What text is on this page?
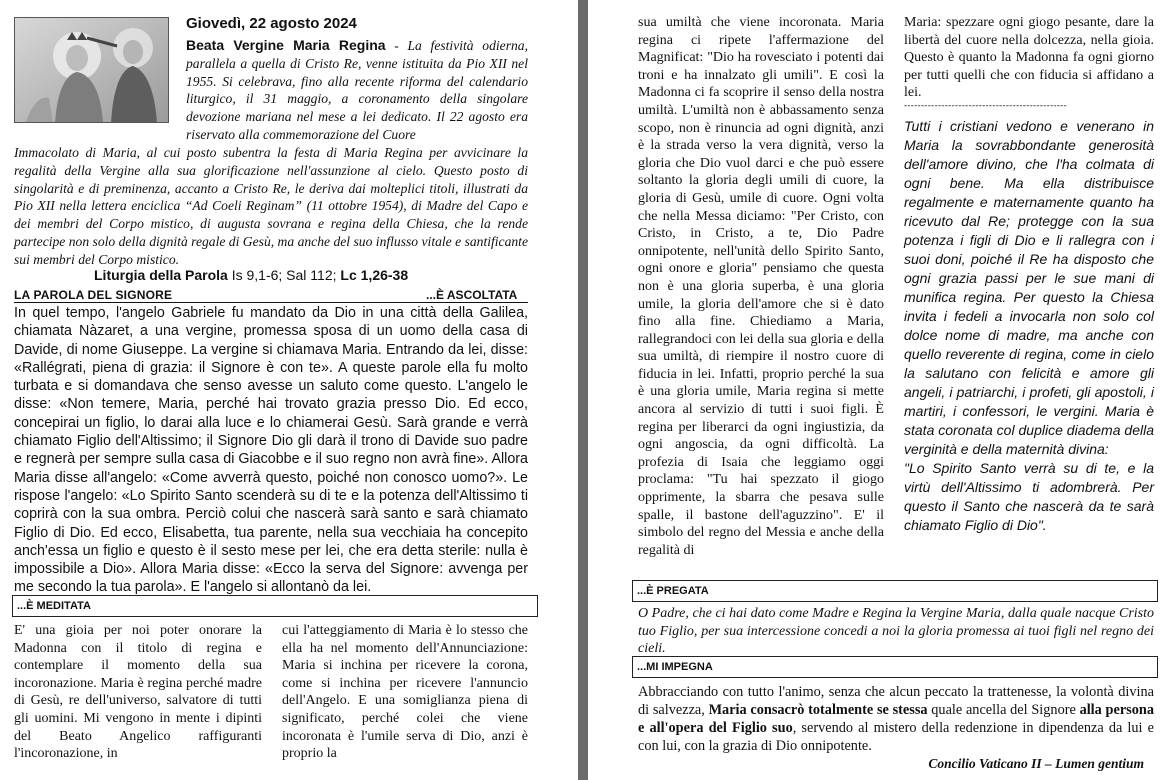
Giovedì, 22 agosto 2024
Beata Vergine Maria Regina - La festività odierna, parallela a quella di Cristo Re, venne istituita da Pio XII nel 1955. Si celebrava, fino alla recente riforma del calendario liturgico, il 31 maggio, a coronamento della singolare devozione mariana nel mese a lei dedicato. Il 22 agosto era riservato alla commemorazione del Cuore
Immacolato di Maria, al cui posto subentra la festa di Maria Regina per avvicinare la regalità della Vergine alla sua glorificazione nell'assunzione al cielo. Questo posto di singolarità e di preminenza, accanto a Cristo Re, le deriva dai molteplici titoli, illustrati da Pio XII nella lettera enciclica “Ad Coeli Reginam” (11 ottobre 1954), di Madre del Capo e dei membri del Corpo mistico, di augusta sovrana e regina della Chiesa, che la rende partecipe non solo della dignità regale di Gesù, ma anche del suo influsso vitale e santificante sui membri del Corpo mistico.
Liturgia della Parola Is 9,1-6; Sal 112; Lc 1,26-38
LA PAROLA DEL SIGNORE	...È ASCOLTATA
In quel tempo, l'angelo Gabriele fu mandato da Dio in una città della Galilea, chiamata Nàzaret, a una vergine, promessa sposa di un uomo della casa di Davide, di nome Giuseppe. La vergine si chiamava Maria. Entrando da lei, disse: «Rallégrati, piena di grazia: il Signore è con te». A queste parole ella fu molto turbata e si domandava che senso avesse un saluto come questo. L'angelo le disse: «Non temere, Maria, perché hai trovato grazia presso Dio. Ed ecco, concepirai un figlio, lo darai alla luce e lo chiamerai Gesù. Sarà grande e verrà chiamato Figlio dell'Altissimo; il Signore Dio gli darà il trono di Davide suo padre e regnerà per sempre sulla casa di Giacobbe e il suo regno non avrà fine». Allora Maria disse all'angelo: «Come avverrà questo, poiché non conosco uomo?». Le rispose l'angelo: «Lo Spirito Santo scenderà su di te e la potenza dell'Altissimo ti coprirà con la sua ombra. Perciò colui che nascerà sarà santo e sarà chiamato Figlio di Dio. Ed ecco, Elisabetta, tua parente, nella sua vecchiaia ha concepito anch'essa un figlio e questo è il sesto mese per lei, che era detta sterile: nulla è impossibile a Dio». Allora Maria disse: «Ecco la serva del Signore: avvenga per me secondo la tua parola». E l'angelo si allontanò da lei.
...È MEDITATA
E' una gioia per noi poter onorare la Madonna con il titolo di regina e contemplare il momento della sua incoronazione. Maria è regina perché madre di Gesù, re dell'universo, salvatore di tutti gli uomini. Mi vengono in mente i dipinti del Beato Angelico raffiguranti l'incoronazione, in
cui l'atteggiamento di Maria è lo stesso che ella ha nel momento dell'Annunciazione: Maria si inchina per ricevere la corona, come si inchina per ricevere l'annuncio dell'Angelo. E una somiglianza piena di significato, perché colei che viene incoronata è l'umile serva di Dio, anzi è proprio la
sua umiltà che viene incoronata. Maria regina ci ripete l'affermazione del Magnificat: "Dio ha rovesciato i potenti dai troni e ha innalzato gli umili". E così la Madonna ci fa scoprire il senso della nostra umiltà. L'umiltà non è abbassamento senza scopo, non è rinuncia ad ogni dignità, anzi è la strada verso la vera dignità, verso la gloria che Dio vuol darci e che può essere soltanto la gloria degli umili di cuore, la gloria di Gesù, umile di cuore. Ogni volta che nella Messa diciamo: "Per Cristo, con Cristo, in Cristo, a te, Dio Padre onnipotente, nell'unità dello Spirito Santo, ogni onore e gloria" pensiamo che questa non è una gloria superba, è una gloria umile, la gloria dell'amore che si è dato fino alla fine. Chiediamo a Maria, rallegrandoci con lei della sua gloria e della sua umiltà, di riempire il nostro cuore di fiducia in lei. Infatti, proprio perché la sua è una gloria umile, Maria regina si mette ancora al servizio di tutti i suoi figli. È regina per liberarci da ogni ingiustizia, da ogni angoscia, da ogni difficoltà. La profezia di Isaia che leggiamo oggi proclama: "Tu hai spezzato il giogo opprimente, la sbarra che pesava sulle spalle, il bastone dell'aguzzino". E' il simbolo del regno del Messia e anche della regalità di
Maria: spezzare ogni giogo pesante, dare la libertà del cuore nella dolcezza, nella gioia. Questo è quanto la Madonna fa ogni giorno per tutti quelli che con fiducia si affidano a lei.
------------------------------------------------
Tutti i cristiani vedono e venerano in Maria la sovrabbondante generosità dell'amore divino, che l'ha colmata di ogni bene. Ma ella distribuisce regalmente e maternamente quanto ha ricevuto dal Re; protegge con la sua potenza i figli di Dio e li rallegra con i suoi doni, poiché il Re ha disposto che ogni grazia passi per le sue mani di munifica regina. Per questo la Chiesa invita i fedeli a invocarla non solo col dolce nome di madre, ma anche con quello reverente di regina, come in cielo la salutano con felicità e amore gli angeli, i patriarchi, i profeti, gli apostoli, i martiri, i confessori, le vergini. Maria è stata coronata col duplice diadema della verginità e della maternità divina:
"Lo Spirito Santo verrà su di te, e la virtù dell'Altissimo ti adombrerà. Per questo il Santo che nascerà da te sarà chiamato Figlio di Dio".
...È PREGATA
O Padre, che ci hai dato come Madre e Regina la Vergine Maria, dalla quale nacque Cristo tuo Figlio, per sua intercessione concedi a noi la gloria promessa ai tuoi figli nel regno dei cieli.
...MI IMPEGNA
Abbracciando con tutto l'animo, senza che alcun peccato la trattenesse, la volontà divina di salvezza, Maria consacrò totalmente se stessa quale ancella del Signore alla persona e all'opera del Figlio suo, servendo al mistero della redenzione in dipendenza da lui e con lui, con la grazia di Dio onnipotente.
Concilio Vaticano II – Lumen gentium
